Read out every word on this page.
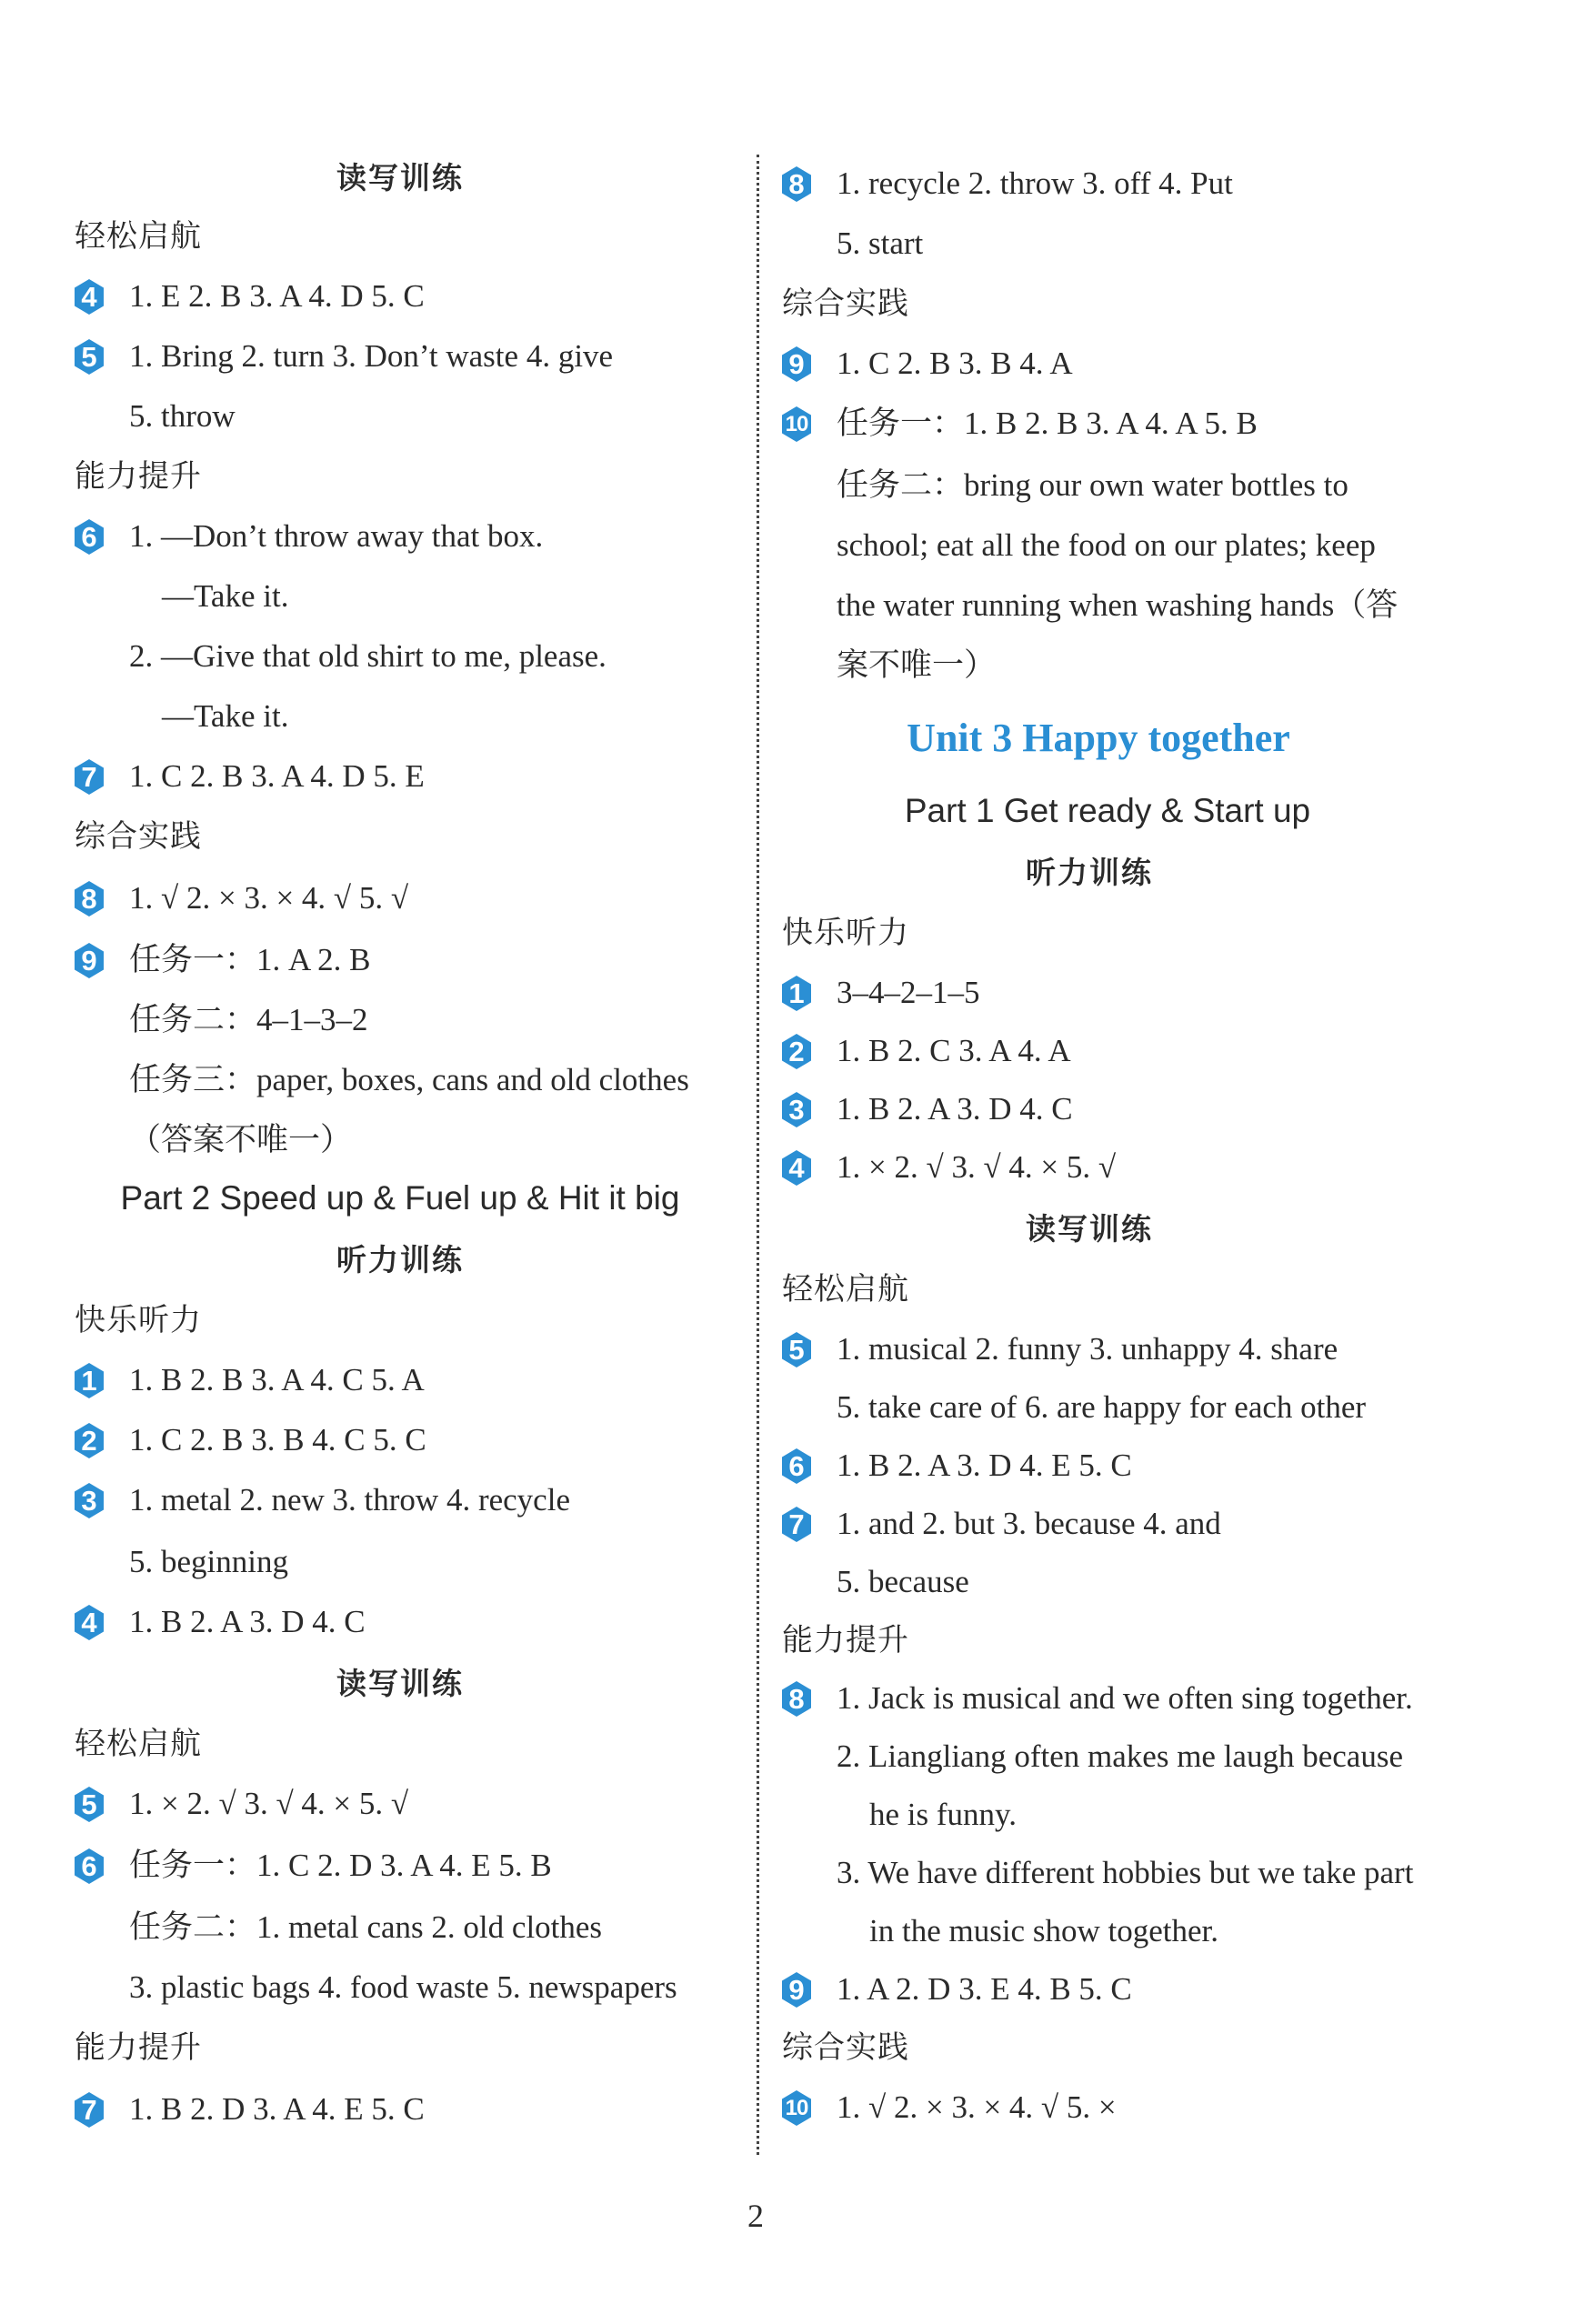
读写训练
轻松启航
4 1. E 2. B 3. A 4. D 5. C
5 1. Bring 2. turn 3. Don’t waste 4. give
5. throw
能力提升
6 1. —Don’t throw away that box.
—Take it.
2. —Give that old shirt to me, please.
—Take it.
7 1. C 2. B 3. A 4. D 5. E
综合实践
8 1. √ 2. × 3. × 4. √ 5. √
9 任务一：1. A 2. B
任务二：4–1–3–2
任务三：paper, boxes, cans and old clothes
（答案不唯一）
Part 2 Speed up & Fuel up & Hit it big
听力训练
快乐听力
1 1. B 2. B 3. A 4. C 5. A
2 1. C 2. B 3. B 4. C 5. C
3 1. metal 2. new 3. throw 4. recycle
5. beginning
4 1. B 2. A 3. D 4. C
读写训练
轻松启航
5 1. × 2. √ 3. √ 4. × 5. √
6 任务一：1. C 2. D 3. A 4. E 5. B
任务二：1. metal cans 2. old clothes
3. plastic bags 4. food waste 5. newspapers
能力提升
7 1. B 2. D 3. A 4. E 5. C
8 1. recycle 2. throw 3. off 4. Put
5. start
综合实践
9 1. C 2. B 3. B 4. A
10 任务一：1. B 2. B 3. A 4. A 5. B
任务二：bring our own water bottles to
school; eat all the food on our plates; keep
the water running when washing hands（答
案不唯一）
Unit 3 Happy together
Part 1 Get ready & Start up
听力训练
快乐听力
1 3–4–2–1–5
2 1. B 2. C 3. A 4. A
3 1. B 2. A 3. D 4. C
4 1. × 2. √ 3. √ 4. × 5. √
读写训练
轻松启航
5 1. musical 2. funny 3. unhappy 4. share
5. take care of 6. are happy for each other
6 1. B 2. A 3. D 4. E 5. C
7 1. and 2. but 3. because 4. and
5. because
能力提升
8 1. Jack is musical and we often sing together.
2. Liangliang often makes me laugh because
he is funny.
3. We have different hobbies but we take part
in the music show together.
9 1. A 2. D 3. E 4. B 5. C
综合实践
10 1. √ 2. × 3. × 4. √ 5. ×
2
